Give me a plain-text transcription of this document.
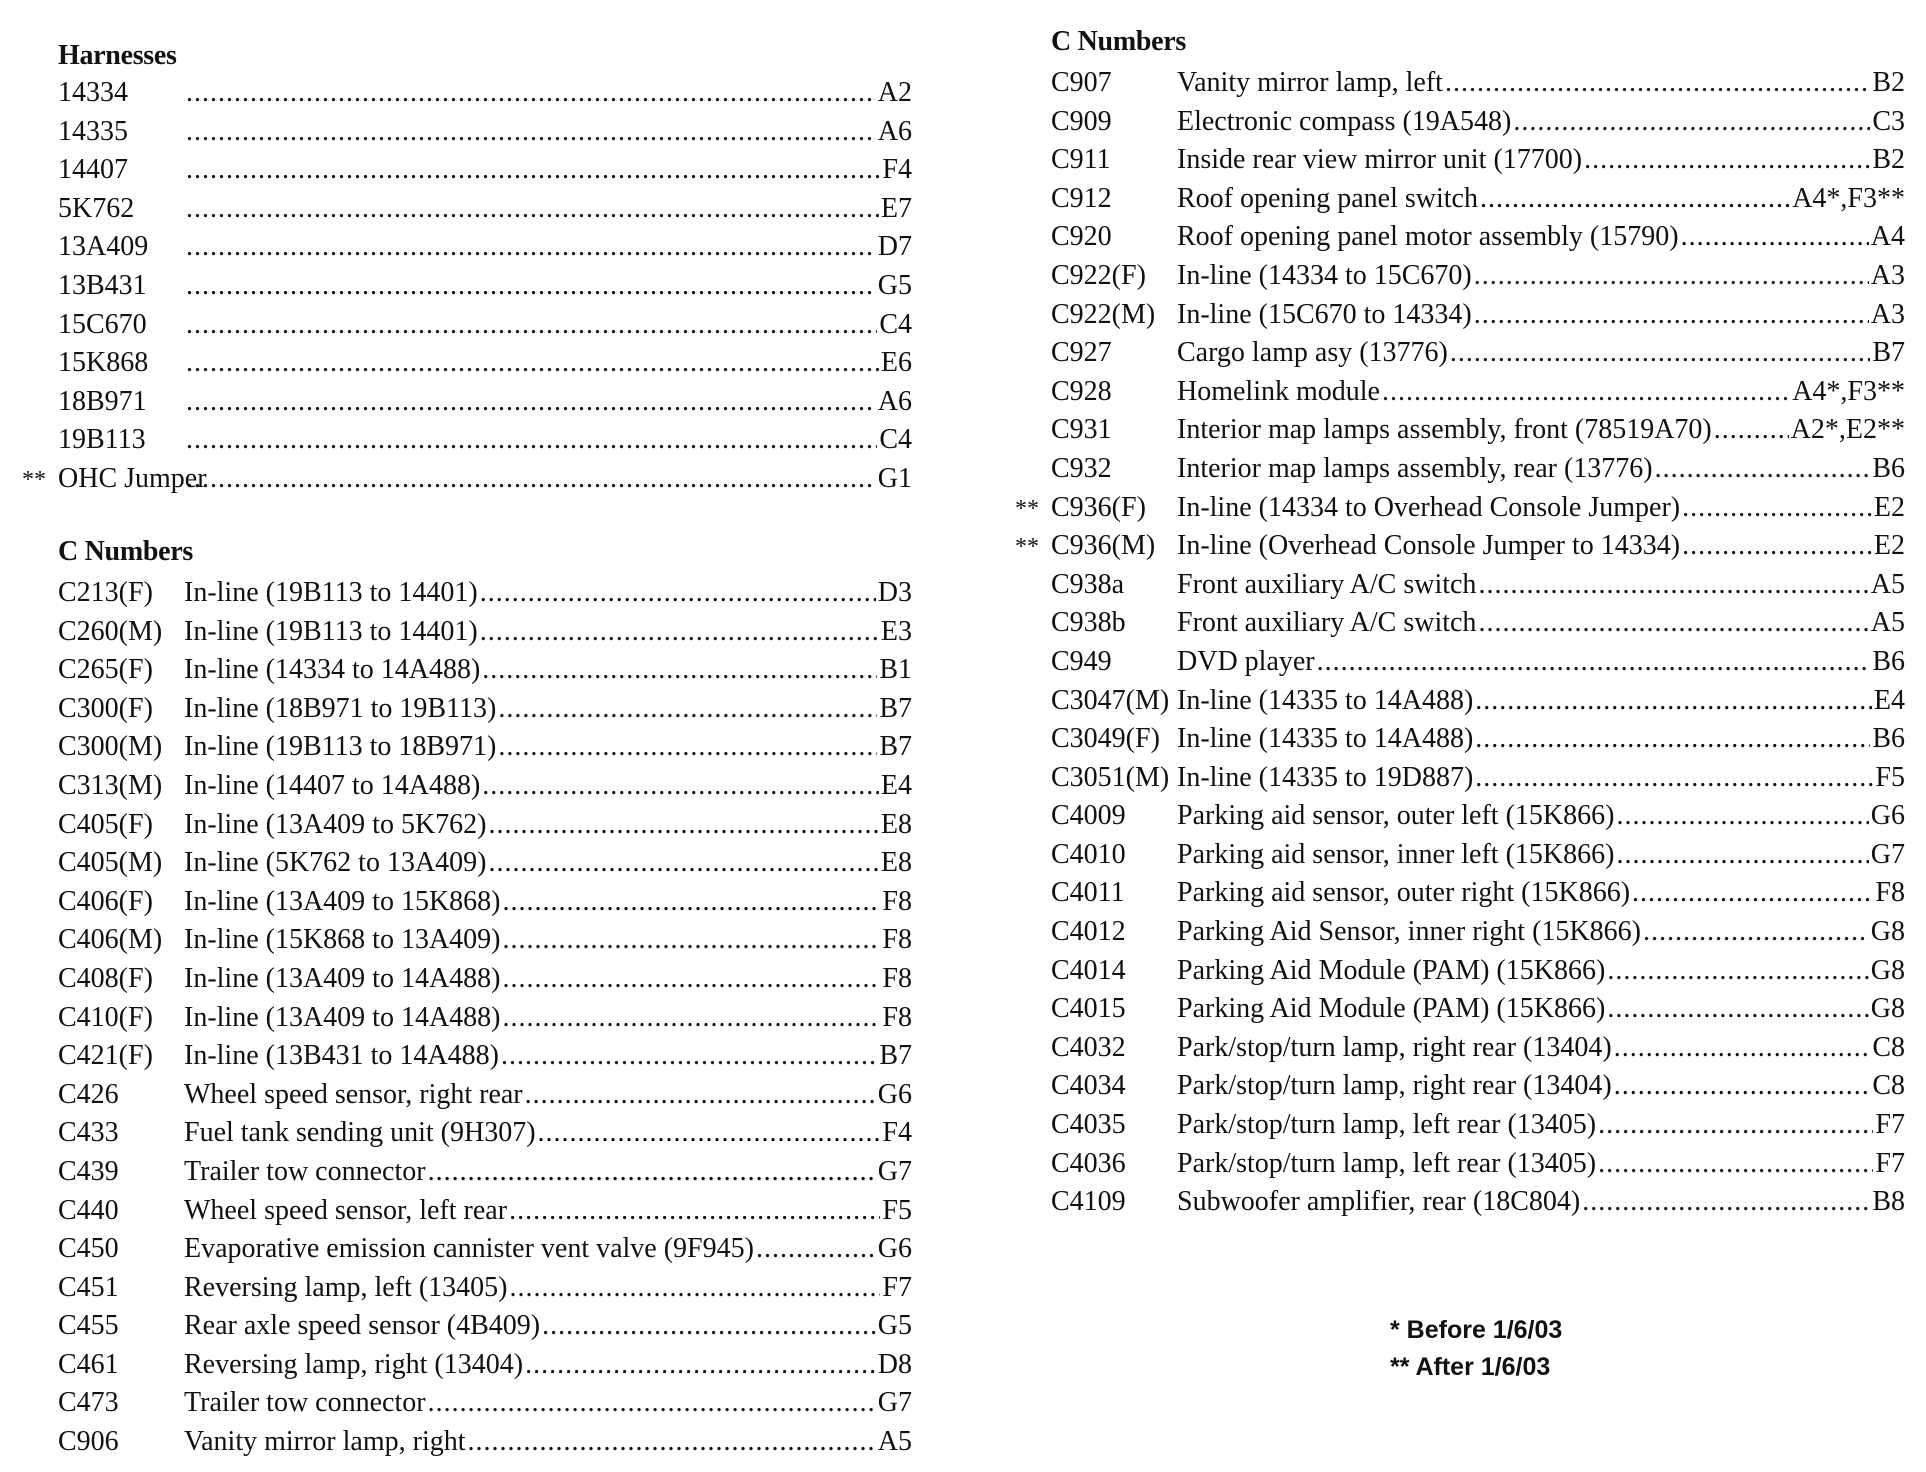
Harnesses
14334 .....	A2
14335 .....	A6
14407 .....	F4
5K762 .....	E7
13A409 .....	D7
13B431 .....	G5
15C670 .....	C4
15K868 .....	E6
18B971 .....	A6
19B113 .....	C4
** OHC Jumper .....	G1
C Numbers
C213(F)	In-line (19B113 to 14401) .....	D3
C260(M) In-line (19B113 to 14401) .....	E3
C265(F)	In-line (14334 to 14A488) .....	B1
C300(F)	In-line (18B971 to 19B113) .....	B7
C300(M) In-line (19B113 to 18B971) .....	B7
C313(M) In-line (14407 to 14A488) .....	E4
C405(F)	In-line (13A409 to 5K762) .....	E8
C405(M) In-line (5K762 to 13A409) .....	E8
C406(F)	In-line (13A409 to 15K868) .....	F8
C406(M) In-line (15K868 to 13A409) .....	F8
C408(F)	In-line (13A409 to 14A488) .....	F8
C410(F)	In-line (13A409 to 14A488) .....	F8
C421(F)	In-line (13B431 to 14A488) .....	B7
C426	Wheel speed sensor, right rear .....	G6
C433	Fuel tank sending unit (9H307) .....	F4
C439	Trailer tow connector .....	G7
C440	Wheel speed sensor, left rear .....	F5
C450	Evaporative emission cannister vent valve (9F945) .....	G6
C451	Reversing lamp, left (13405) .....	F7
C455	Rear axle speed sensor (4B409) .....	G5
C461	Reversing lamp, right (13404) .....	D8
C473	Trailer tow connector .....	G7
C906	Vanity mirror lamp, right .....	A5
C Numbers
C907	Vanity mirror lamp, left .....	B2
C909	Electronic compass (19A548) .....	C3
C911	Inside rear view mirror unit (17700) .....	B2
C912	Roof opening panel switch .....	A4*,F3**
C920	Roof opening panel motor assembly (15790) .....	A4
C922(F)	In-line (14334 to 15C670) .....	A3
C922(M) In-line (15C670 to 14334) .....	A3
C927	Cargo lamp asy (13776) .....	B7
C928	Homelink module .....	A4*,F3**
C931	Interior map lamps assembly, front (78519A70) .....	A2*,E2**
C932	Interior map lamps assembly, rear (13776) .....	B6
** C936(F)	In-line (14334 to Overhead Console Jumper) .....	E2
** C936(M) In-line (Overhead Console Jumper to 14334) .....	E2
C938a	Front auxiliary A/C switch .....	A5
C938b	Front auxiliary A/C switch .....	A5
C949	DVD player .....	B6
C3047(M) In-line (14335 to 14A488) .....	E4
C3049(F) In-line (14335 to 14A488) .....	B6
C3051(M) In-line (14335 to 19D887) .....	F5
C4009	Parking aid sensor, outer left (15K866) .....	G6
C4010	Parking aid sensor, inner left (15K866) .....	G7
C4011	Parking aid sensor, outer right (15K866) .....	F8
C4012	Parking Aid Sensor, inner right (15K866) .....	G8
C4014	Parking Aid Module (PAM) (15K866) .....	G8
C4015	Parking Aid Module (PAM) (15K866) .....	G8
C4032	Park/stop/turn lamp, right rear (13404) .....	C8
C4034	Park/stop/turn lamp, right rear (13404) .....	C8
C4035	Park/stop/turn lamp, left rear (13405) .....	F7
C4036	Park/stop/turn lamp, left rear (13405) .....	F7
C4109	Subwoofer amplifier, rear (18C804) .....	B8
* Before 1/6/03
** After 1/6/03
